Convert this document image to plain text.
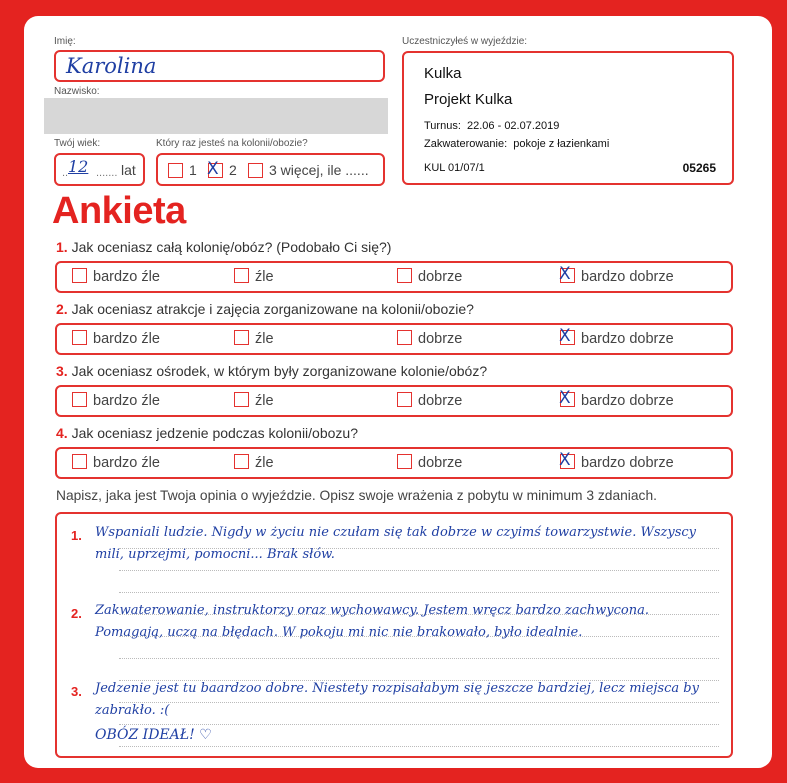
Imię:
Karolina
Nazwisko:
Twój wiek:
.. 12 ....... lat
Który raz jesteś na kolonii/obozie?
1 X 2 3 więcej, ile ......
Uczestniczyłeś w wyjeździe:
Kulka
Projekt Kulka
Turnus: 22.06 - 02.07.2019
Zakwaterowanie: pokoje z łazienkami
KUL 01/07/1	05265
Ankieta
1. Jak oceniasz całą kolonię/obóz? (Podobało Ci się?)
bardzo źle	źle	dobrze	X bardzo dobrze
2. Jak oceniasz atrakcje i zajęcia zorganizowane na kolonii/obozie?
bardzo źle	źle	dobrze	X bardzo dobrze
3. Jak oceniasz ośrodek, w którym były zorganizowane kolonie/obóz?
bardzo źle	źle	dobrze	X bardzo dobrze
4. Jak oceniasz jedzenie podczas kolonii/obozu?
bardzo źle	źle	dobrze	X bardzo dobrze
Napisz, jaka jest Twoja opinia o wyjeździe. Opisz swoje wrażenia z pobytu w minimum 3 zdaniach.
1. Wspaniali ludzie. Nigdy w życiu nie czułam się tak dobrze w czyimś towarzystwie. Wszyscy mili, uprzejmi, pomocni... Brak słów.
2. Zakwaterowanie, instruktorzy oraz wychowawcy. Jestem wręcz bardzo zachwycona. Pomagają, uczą na błędach. W pokoju mi nic nie brakowało, było idealnie.
3. Jedzenie jest tu baardzoo dobre. Niestety rozpisałabym się jeszcze bardziej, lecz miejsca by zabrakło. :(
OBÓZ IDEAŁ! ♡
